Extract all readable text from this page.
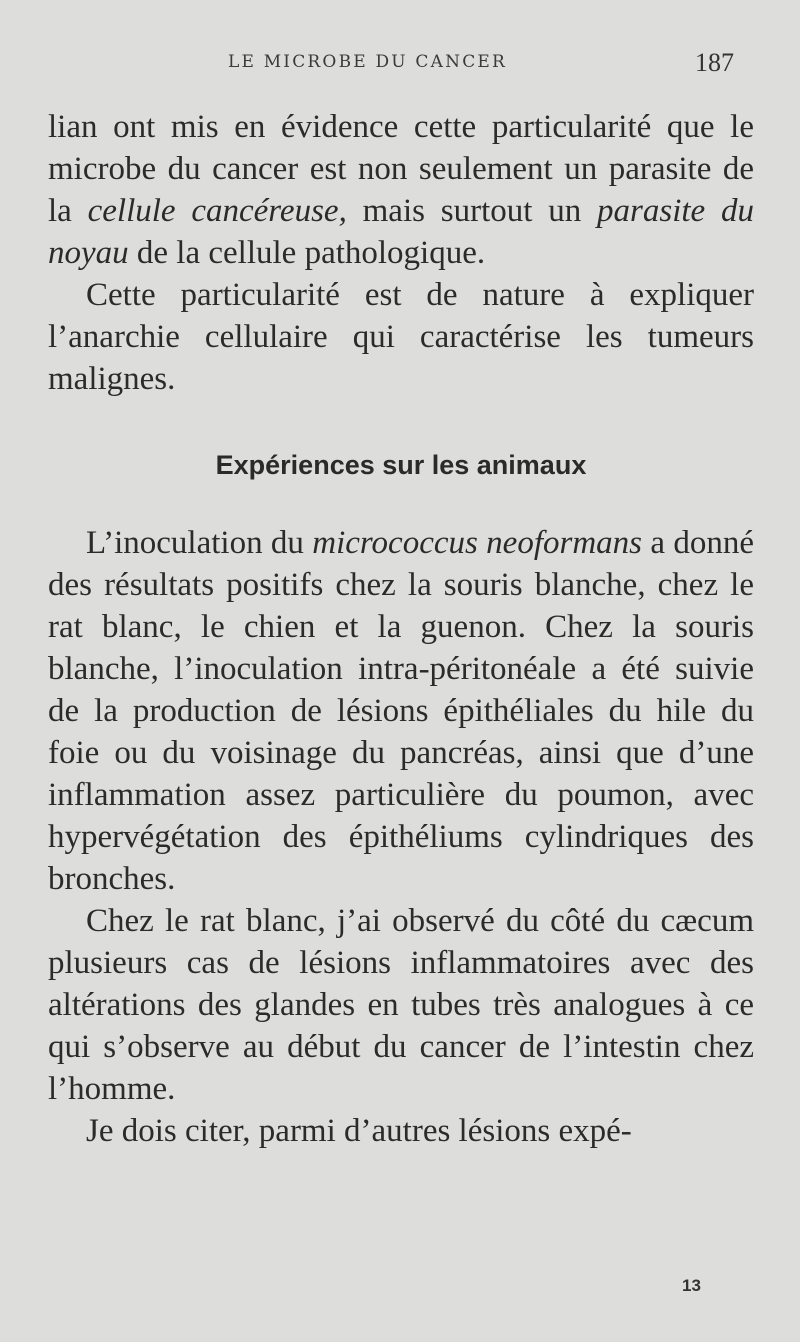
LE MICROBE DU CANCER	187

lian ont mis en évidence cette particularité que le microbe du cancer est non seulement un parasite de la cellule cancéreuse, mais surtout un parasite du noyau de la cellule pathologique.

Cette particularité est de nature à expliquer l’anarchie cellulaire qui caractérise les tumeurs malignes.

Expériences sur les animaux

L’inoculation du micrococcus neoformans a donné des résultats positifs chez la souris blanche, chez le rat blanc, le chien et la guenon. Chez la souris blanche, l’inoculation intra-péritonéale a été suivie de la production de lésions épithéliales du hile du foie ou du voisinage du pancréas, ainsi que d’une inflammation assez particulière du poumon, avec hypervégétation des épithéliums cylindriques des bronches.

Chez le rat blanc, j’ai observé du côté du cæcum plusieurs cas de lésions inflammatoires avec des altérations des glandes en tubes très analogues à ce qui s’observe au début du cancer de l’intestin chez l’homme.

Je dois citer, parmi d’autres lésions expé-

13
